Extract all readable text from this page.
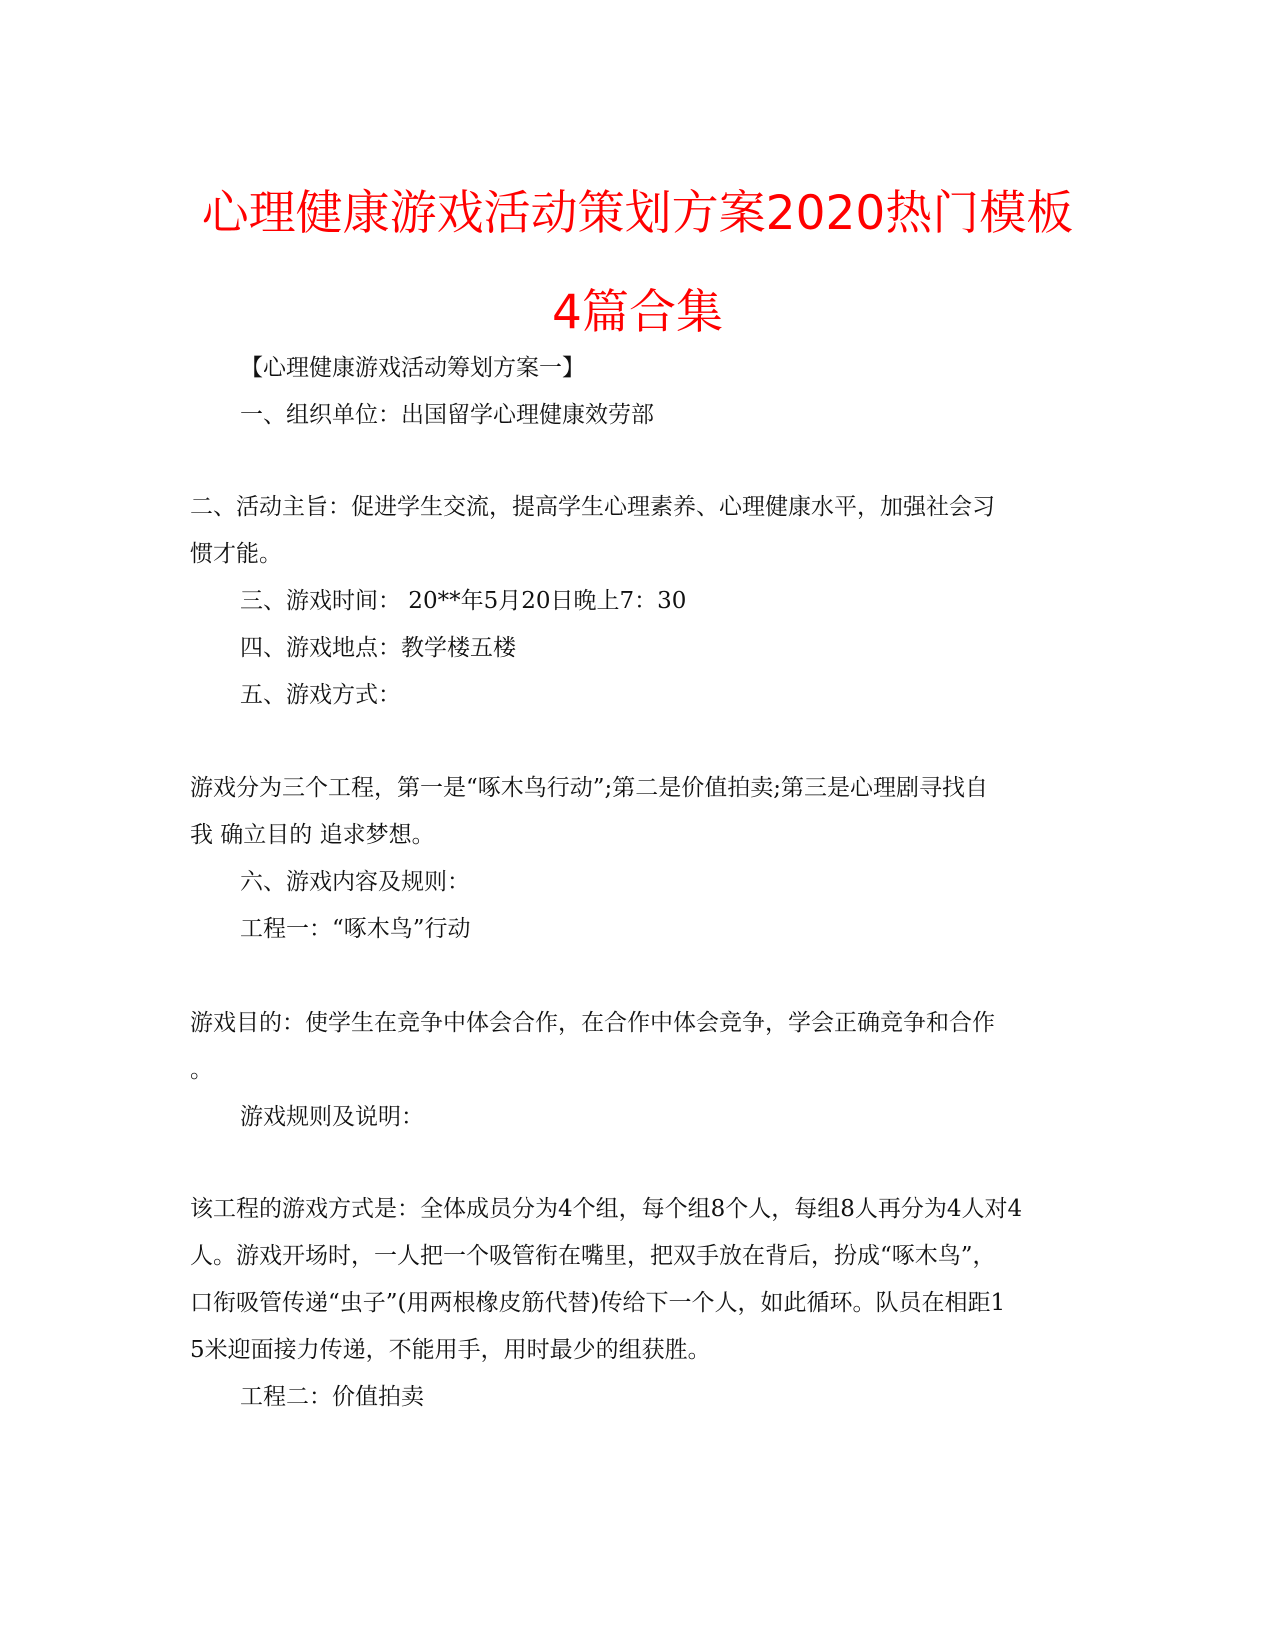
心理健康游戏活动策划方案2020热门模板
4篇合集
【心理健康游戏活动筹划方案一】
一、组织单位：出国留学心理健康效劳部
二、活动主旨：促进学生交流，提高学生心理素养、心理健康水平，加强社会习
惯才能。
三、游戏时间： 20**年5月20日晚上7：30
四、游戏地点：教学楼五楼
五、游戏方式：
游戏分为三个工程，第一是“啄木鸟行动”;第二是价值拍卖;第三是心理剧寻找自
我 确立目的 追求梦想。
六、游戏内容及规则：
工程一：“啄木鸟”行动
游戏目的：使学生在竞争中体会合作，在合作中体会竞争，学会正确竞争和合作
。
游戏规则及说明：
该工程的游戏方式是：全体成员分为4个组，每个组8个人，每组8人再分为4人对4
人。游戏开场时，一人把一个吸管衔在嘴里，把双手放在背后，扮成“啄木鸟”，
口衔吸管传递“虫子”(用两根橡皮筋代替)传给下一个人，如此循环。队员在相距1
5米迎面接力传递，不能用手，用时最少的组获胜。
工程二：价值拍卖
